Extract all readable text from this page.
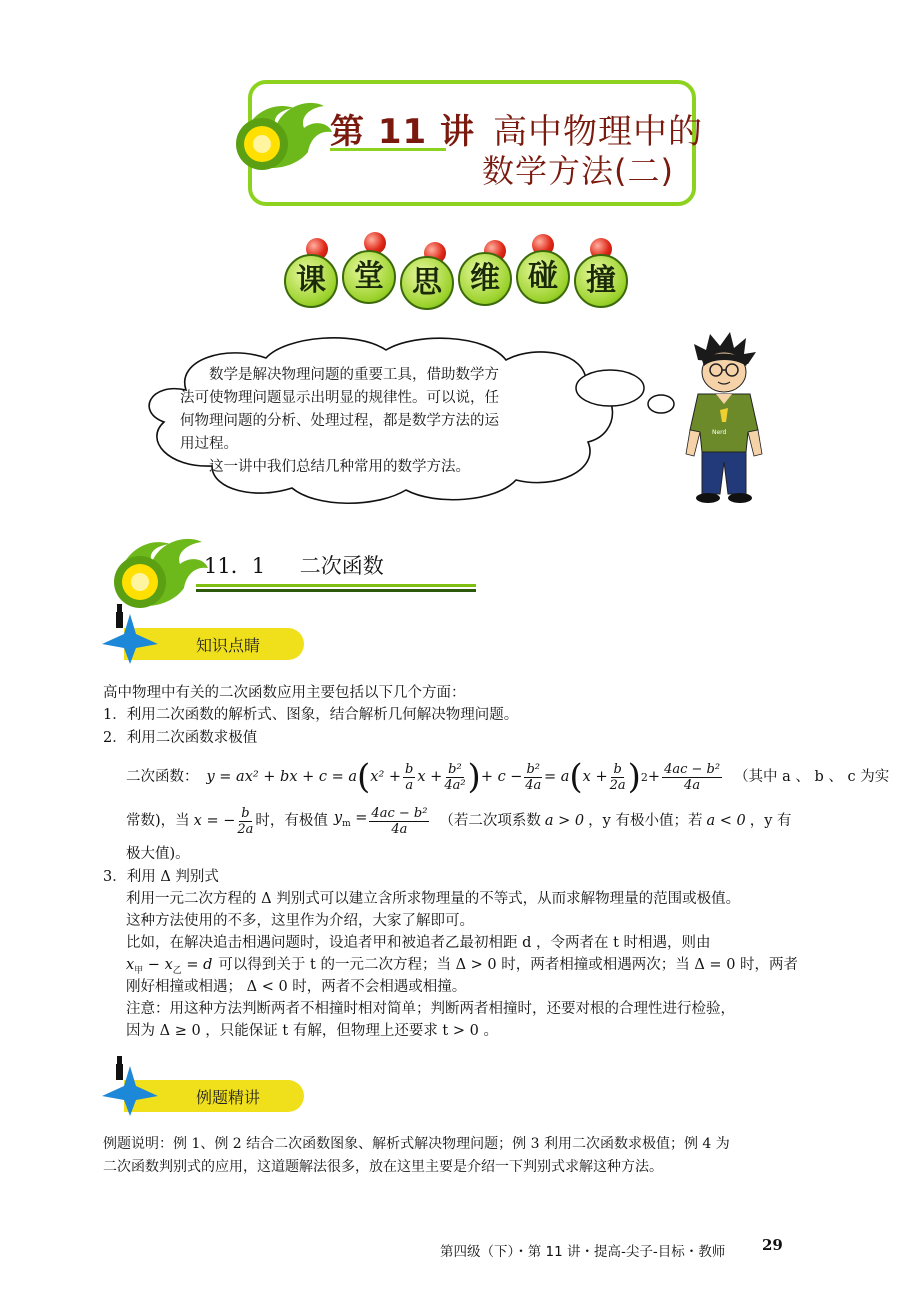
第 11 讲 高中物理中的
数学方法(二)
课 堂 思 维 碰 撞

数学是解决物理问题的重要工具，借助数学方法可使物理问题显示出明显的规律性。可以说，任何物理问题的分析、处理过程，都是数学方法的运用过程。

这一讲中我们总结几种常用的数学方法。

Nerd
11．1 二次函数
知识点睛
高中物理中有关的二次函数应用主要包括以下几个方面：
1．利用二次函数的解析式、图象，结合解析几何解决物理问题。
2．利用二次函数求极值
二次函数： y = ax² + bx + c = a ( $x^2 + \frac{b}{a}$ $x + \frac{\text{b²}}{\text{4a²}}$ ) + $c - \frac{\text{b²}}{4a} = a$ ( $x + \frac{b}{2a}$ ) $2 + \frac{\text{4ac − b²}}{4a}$ （其中 a 、 b 、 c 为实
常数)，当 x = − $\frac{b}{2a}$ 时，有极值 $y_m = \frac{\text{4ac − b²}}{4a}$ （若二次项系数 a > 0 ，y 有极小值；若 a < 0 ，y 有
极大值)。
3．利用 Δ 判别式
利用一元二次方程的 Δ 判别式可以建立含所求物理量的不等式，从而求解物理量的范围或极值。
这种方法使用的不多，这里作为介绍，大家了解即可。
比如，在解决追击相遇问题时，设追者甲和被追者乙最初相距 d ，令两者在 t 时相遇，则由
$x_甲 - x_乙 = d$ 可以得到关于 t 的一元二次方程；当 Δ > 0 时，两者相撞或相遇两次；当 Δ = 0 时，两者
刚好相撞或相遇； Δ < 0 时，两者不会相遇或相撞。
注意：用这种方法判断两者不相撞时相对简单；判断两者相撞时，还要对根的合理性进行检验，
因为 Δ ≥ 0 ，只能保证 t 有解，但物理上还要求 t > 0 。
例题精讲
例题说明：例 1、例 2 结合二次函数图象、解析式解决物理问题；例 3 利用二次函数求极值；例 4 为
二次函数判别式的应用，这道题解法很多，放在这里主要是介绍一下判别式求解这种方法。
第四级（下）・第 11 讲・提高-尖子-目标・教师 29
